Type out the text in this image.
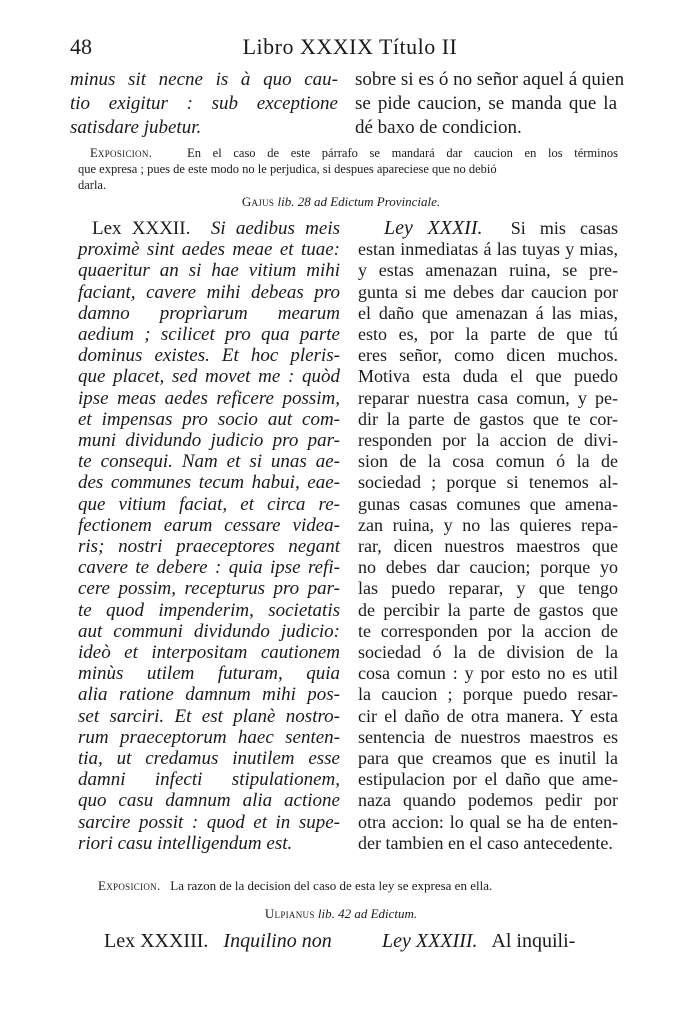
48	Libro XXXIX Título II
minus sit necne is à quo cau-
tio exigitur : sub exceptione
satisdare jubetur.
sobre si es ó no señor aquel á quien
se pide caucion, se manda que la
dé baxo de condicion.
Exposicion.	En el caso de este párrafo se mandará dar caucion en los términos
que expresa ; pues de este modo no le perjudica, si despues apareciese que no debió
darla.
Gajus lib. 28 ad Edictum Provinciale.
Lex XXXII.  Si aedibus meis
proximè sint aedes meae et tuae:
quaeritur an si hae vitium mihi
faciant, cavere mihi debeas pro
damno proprìarum mearum
aedium ; scilicet pro qua parte
dominus existes. Et hoc pleris-
que placet, sed movet me : quòd
ipse meas aedes reficere possim,
et impensas pro socio aut com-
muni dividundo judicio pro par-
te consequi. Nam et si unas ae-
des communes tecum habui, eae-
que vitium faciat, et circa re-
fectionem earum cessare videa-
ris; nostri praeceptores negant
cavere te debere : quia ipse refi-
cere possim, recepturus pro par-
te quod impenderim, societatis
aut communi dividundo judicio:
ideò et interpositam cautionem
minùs utilem futuram, quia
alia ratione damnum mihi pos-
set sarciri. Et est planè nostro-
rum praeceptorum haec senten-
tia, ut credamus inutilem esse
damni infecti stipulationem,
quo casu damnum alia actione
sarcire possit : quod et in supe-
riori casu intelligendum est.
Ley XXXII.  Si mis casas
estan inmediatas á las tuyas y mias,
y estas amenazan ruina, se pre-
gunta si me debes dar caucion por
el daño que amenazan á las mias,
esto es, por la parte de que tú
eres señor, como dicen muchos.
Motiva esta duda el que puedo
reparar nuestra casa comun, y pe-
dir la parte de gastos que te cor-
responden por la accion de divi-
sion de la cosa comun ó la de
sociedad ; porque si tenemos al-
gunas casas comunes que amena-
zan ruina, y no las quieres repa-
rar, dicen nuestros maestros que
no debes dar caucion; porque yo
las puedo reparar, y que tengo
de percibir la parte de gastos que
te corresponden por la accion de
sociedad ó la de division de la
cosa comun : y por esto no es util
la caucion ; porque puedo resar-
cir el daño de otra manera. Y esta
sentencia de nuestros maestros es
para que creamos que es inutil la
estipulacion por el daño que ame-
naza quando podemos pedir por
otra accion: lo qual se ha de enten-
der tambien en el caso antecedente.
Exposicion. La razon de la decision del caso de esta ley se expresa en ella.
Ulpianus lib. 42 ad Edictum.
Lex XXXIII. Inquilino non	Ley XXXIII. Al inquili-
